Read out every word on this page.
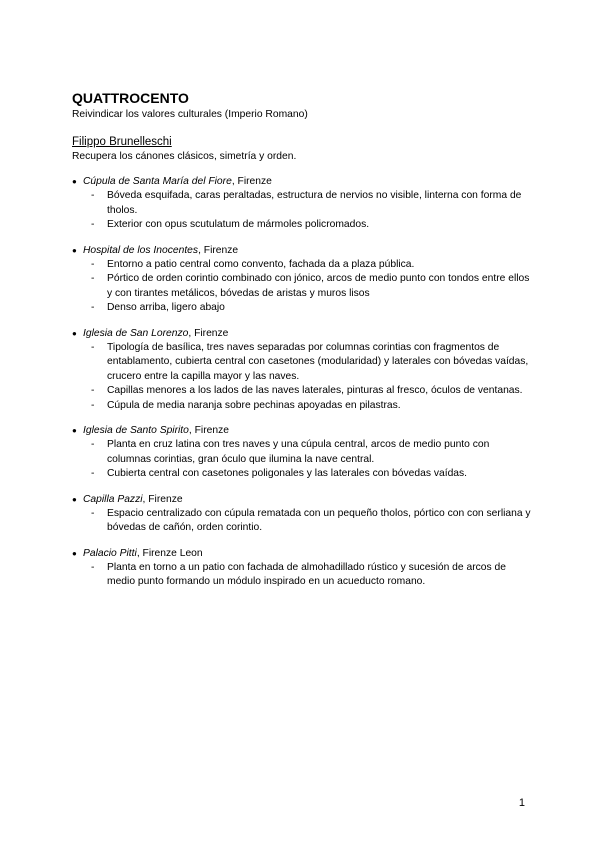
QUATTROCENTO
Reivindicar los valores culturales (Imperio Romano)
Filippo Brunelleschi
Recupera los cánones clásicos, simetría y orden.
● Cúpula de Santa María del Fiore, Firenze
- Bóveda esquifada, caras peraltadas, estructura de nervios no visible, linterna con forma de tholos.
- Exterior con opus scutulatum de mármoles policromados.
● Hospital de los Inocentes, Firenze
- Entorno a patio central como convento, fachada da a plaza pública.
- Pórtico de orden corintio combinado con jónico, arcos de medio punto con tondos entre ellos y con tirantes metálicos, bóvedas de aristas y muros lisos
- Denso arriba, ligero abajo
● Iglesia de San Lorenzo, Firenze
- Tipología de basílica, tres naves separadas por columnas corintias con fragmentos de entablamento, cubierta central con casetones (modularidad) y laterales con bóvedas vaídas, crucero entre la capilla mayor y las naves.
- Capillas menores a los lados de las naves laterales, pinturas al fresco, óculos de ventanas.
- Cúpula de media naranja sobre pechinas apoyadas en pilastras.
● Iglesia de Santo Spirito, Firenze
- Planta en cruz latina con tres naves y una cúpula central, arcos de medio punto con columnas corintias, gran óculo que ilumina la nave central.
- Cubierta central con casetones poligonales y las laterales con bóvedas vaídas.
● Capilla Pazzi, Firenze
- Espacio centralizado con cúpula rematada con un pequeño tholos, pórtico con con serliana y bóvedas de cañón, orden corintio.
● Palacio Pitti, Firenze Leon
- Planta en torno a un patio con fachada de almohadillado rústico y sucesión de arcos de medio punto formando un módulo inspirado en un acueducto romano.
1
